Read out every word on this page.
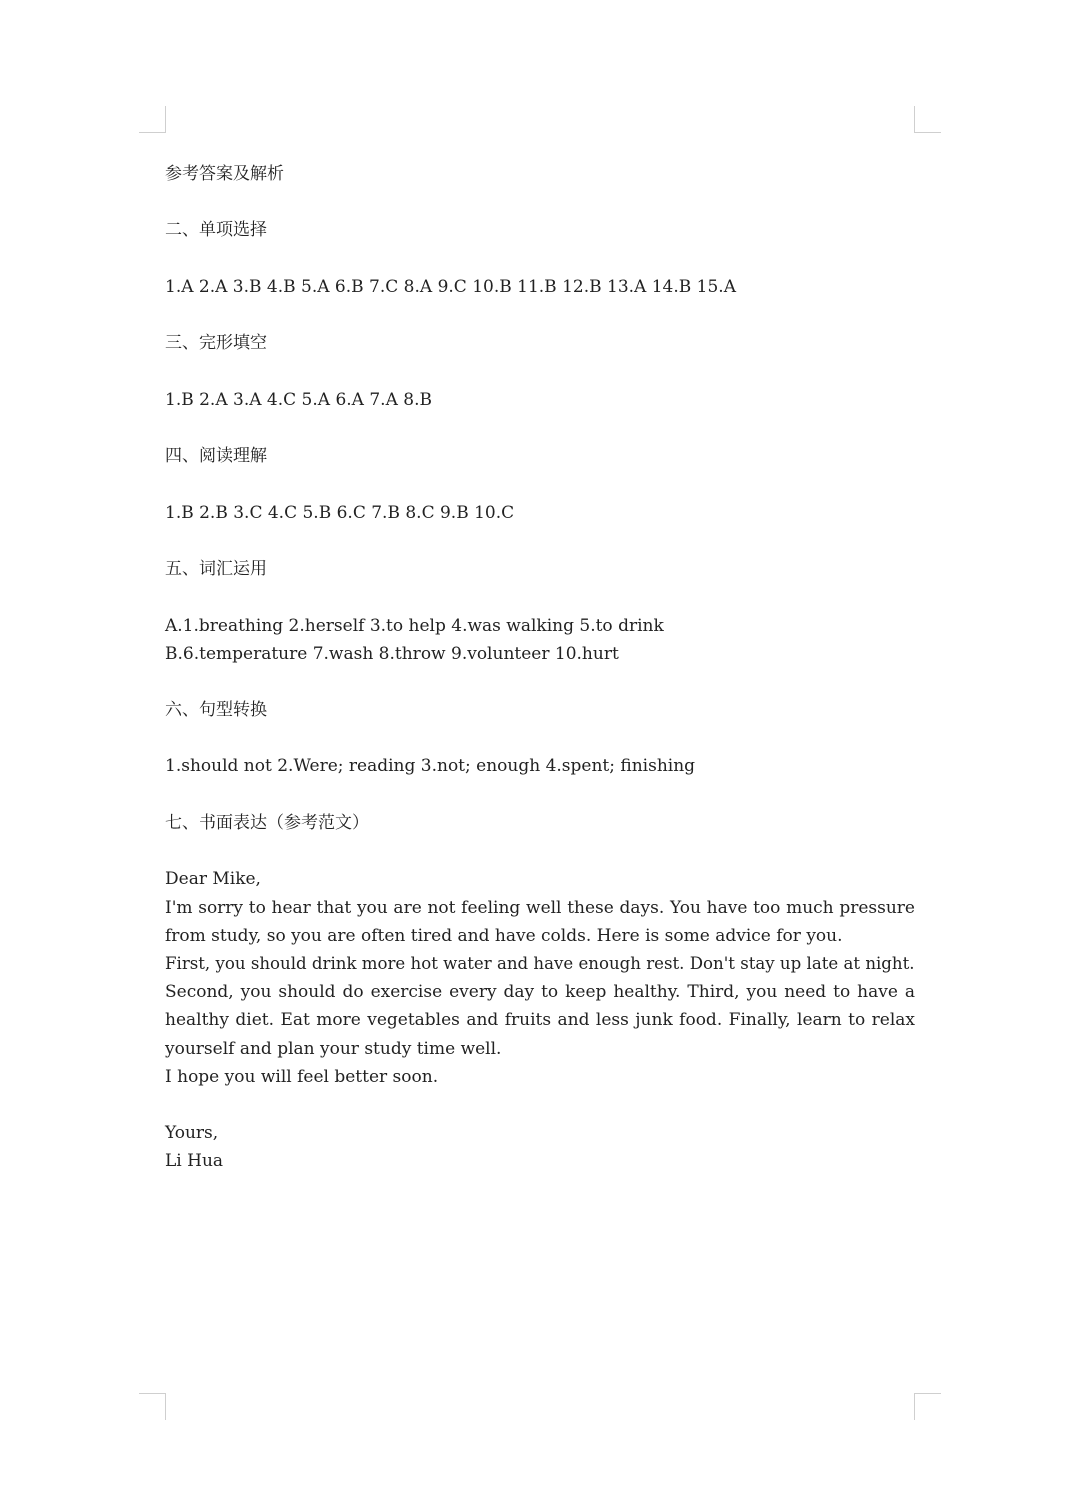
参考答案及解析
二、单项选择
1.A 2.A 3.B 4.B 5.A 6.B 7.C 8.A 9.C 10.B 11.B 12.B 13.A 14.B 15.A
三、完形填空
1.B 2.A 3.A 4.C 5.A 6.A 7.A 8.B
四、阅读理解
1.B 2.B 3.C 4.C 5.B 6.C 7.B 8.C 9.B 10.C
五、词汇运用
A.1.breathing 2.herself 3.to help 4.was walking 5.to drink
B.6.temperature 7.wash 8.throw 9.volunteer 10.hurt
六、句型转换
1.should not 2.Were; reading 3.not; enough 4.spent; finishing
七、书面表达（参考范文）
Dear Mike,
I'm sorry to hear that you are not feeling well these days. You have too much pressure
from study, so you are often tired and have colds. Here is some advice for you.
First, you should drink more hot water and have enough rest. Don't stay up late at night.
Second, you should do exercise every day to keep healthy. Third, you need to have a
healthy diet. Eat more vegetables and fruits and less junk food. Finally, learn to relax
yourself and plan your study time well.
I hope you will feel better soon.
Yours,
Li Hua
